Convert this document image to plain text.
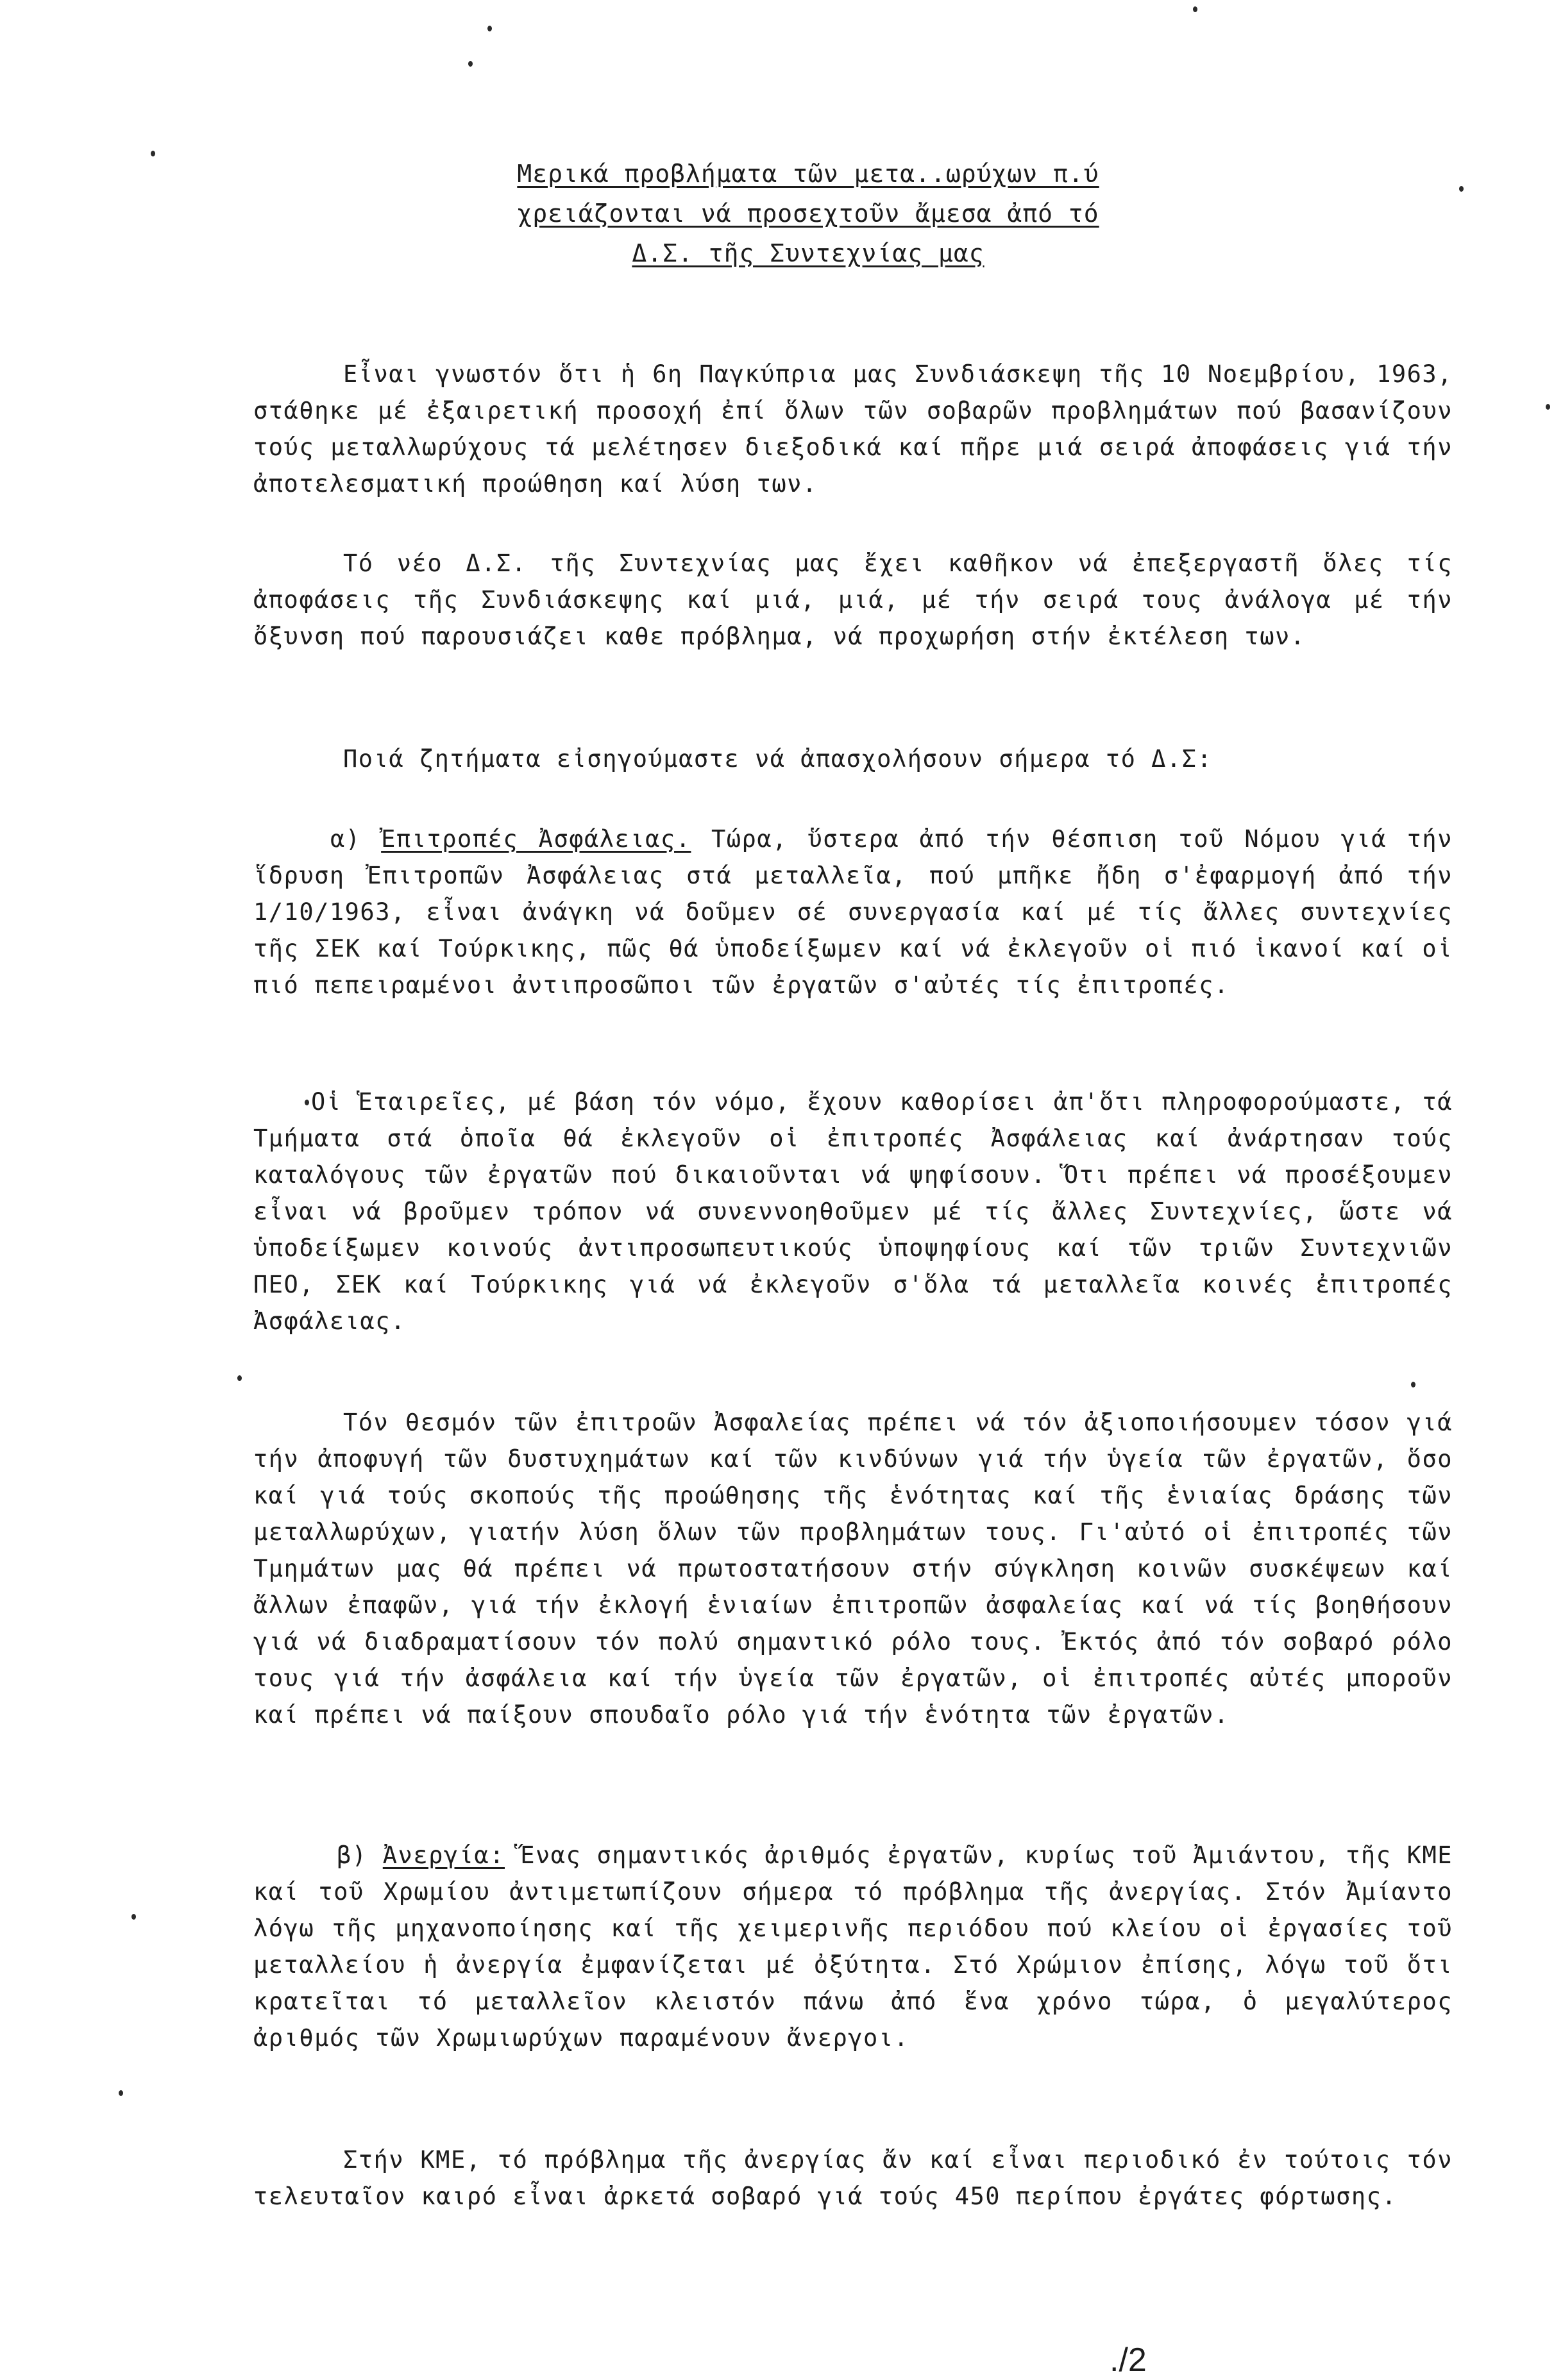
Μερικά προβλήματα τῶν μετα..ωρύχων π.ύ
χρειάζονται νά προσεχτοῦν ἄμεσα ἀπό τό
Δ.Σ. τῆς Συντεχνίας μας
Εἶναι γνωστόν ὅτι ἡ 6η Παγκύπρια μας Συνδιάσκεψη τῆς 10 Νοεμβρίου, 1963, στάθηκε μέ ἐξαιρετική προσοχή ἐπί ὅλων τῶν σοβαρῶν προβλημάτων πού βασανίζουν τούς μεταλλωρύχους τά μελέτησεν διεξοδικά καί πῆρε μιά σειρά ἀποφάσεις γιά τήν ἀποτελεσματική προώθηση καί λύση των.
Τό νέο Δ.Σ. τῆς Συντεχνίας μας ἔχει καθῆκον νά ἐπεξεργαστῆ ὅλες τίς ἀποφάσεις τῆς Συνδιάσκεψης καί μιά, μιά, μέ τήν σειρά τους ἀνάλογα μέ τήν ὄξυνση πού παρουσιάζει καθε πρόβλημα, νά προχωρήση στήν ἐκτέλεση των.
Ποιά ζητήματα εἰσηγούμαστε νά ἀπασχολήσουν σήμερα τό Δ.Σ:
α) Ἐπιτροπές Ἀσφάλειας. Τώρα, ὕστερα ἀπό τήν θέσπιση τοῦ Νόμου γιά τήν ἵδρυση Ἐπιτροπῶν Ἀσφάλειας στά μεταλλεῖα, πού μπῆκε ἤδη σ'ἐφαρμογή ἀπό τήν 1/10/1963, εἶναι ἀνάγκη νά δοῦμεν σέ συνεργασία καί μέ τίς ἄλλες συντεχνίες τῆς ΣΕΚ καί Τούρκικης, πῶς θά ὑποδείξωμεν καί νά ἐκλεγοῦν οἱ πιό ἱκανοί καί οἱ πιό πεπειραμένοι ἀντιπροσῶποι τῶν ἐργατῶν σ'αὐτές τίς ἐπιτροπές.
Οἱ Ἑταιρεῖες, μέ βάση τόν νόμο, ἔχουν καθορίσει ἀπ'ὅτι πληροφορούμαστε, τά Τμήματα στά ὁποῖα θά ἐκλεγοῦν οἱ ἐπιτροπές Ἀσφάλειας καί ἀνάρτησαν τούς καταλόγους τῶν ἐργατῶν πού δικαιοῦνται νά ψηφίσουν. Ὅτι πρέπει νά προσέξουμεν εἶναι νά βροῦμεν τρόπον νά συνεννοηθοῦμεν μέ τίς ἄλλες Συντεχνίες, ὥστε νά ὑποδείξωμεν κοινούς ἀντιπροσωπευτικούς ὑποψηφίους καί τῶν τριῶν Συντεχνιῶν ΠΕΟ, ΣΕΚ καί Τούρκικης γιά νά ἐκλεγοῦν σ'ὅλα τά μεταλλεῖα κοινές ἐπιτροπές Ἀσφάλειας.
Τόν θεσμόν τῶν ἐπιτροῶν Ἀσφαλείας πρέπει νά τόν ἀξιοποιήσουμεν τόσον γιά τήν ἀποφυγή τῶν δυστυχημάτων καί τῶν κινδύνων γιά τήν ὑγεία τῶν ἐργατῶν, ὅσο καί γιά τούς σκοπούς τῆς προώθησης τῆς ἑνότητας καί τῆς ἑνιαίας δράσης τῶν μεταλλωρύχων, γιατήν λύση ὅλων τῶν προβλημάτων τους. Γι'αὐτό οἱ ἐπιτροπές τῶν Τμημάτων μας θά πρέπει νά πρωτοστατήσουν στήν σύγκληση κοινῶν συσκέψεων καί ἄλλων ἐπαφῶν, γιά τήν ἐκλογή ἑνιαίων ἐπιτροπῶν ἀσφαλείας καί νά τίς βοηθήσουν γιά νά διαδραματίσουν τόν πολύ σημαντικό ρόλο τους. Ἐκτός ἀπό τόν σοβαρό ρόλο τους γιά τήν ἀσφάλεια καί τήν ὑγεία τῶν ἐργατῶν, οἱ ἐπιτροπές αὐτές μποροῦν καί πρέπει νά παίξουν σπουδαῖο ρόλο γιά τήν ἑνότητα τῶν ἐργατῶν.
β) Ἀνεργία: Ἕνας σημαντικός ἀριθμός ἐργατῶν, κυρίως τοῦ Ἀμιάντου, τῆς ΚΜΕ καί τοῦ Χρωμίου ἀντιμετωπίζουν σήμερα τό πρόβλημα τῆς ἀνεργίας. Στόν Ἀμίαντο λόγω τῆς μηχανοποίησης καί τῆς χειμερινῆς περιόδου πού κλείου οἱ ἐργασίες τοῦ μεταλλείου ἡ ἀνεργία ἐμφανίζεται μέ ὀξύτητα. Στό Χρώμιον ἐπίσης, λόγω τοῦ ὅτι κρατεῖται τό μεταλλεῖον κλειστόν πάνω ἀπό ἕνα χρόνο τώρα, ὁ μεγαλύτερος ἀριθμός τῶν Χρωμιωρύχων παραμένουν ἄνεργοι.
Στήν ΚΜΕ, τό πρόβλημα τῆς ἀνεργίας ἄν καί εἶναι περιοδικό ἐν τούτοις τόν τελευταῖον καιρό εἶναι ἀρκετά σοβαρό γιά τούς 450 περίπου ἐργάτες φόρτωσης.
./2
